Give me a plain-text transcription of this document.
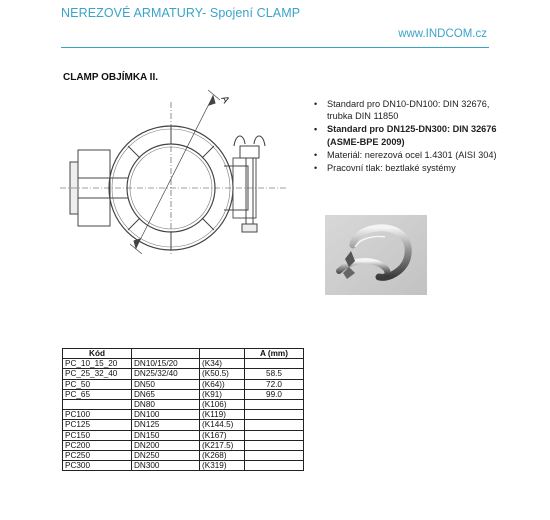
NEREZOVÉ ARMATURY- Spojení CLAMP
www.INDCOM.cz
CLAMP OBJÍMKA II.
A	• Standard pro DN10-DN100: DIN 32676, trubka DIN 11850
• Standard pro DN125-DN300: DIN 32676 (ASME-BPE 2009)
• Materiál: nerezová ocel 1.4301 (AISI 304)
• Pracovní tlak: beztlaké systémy
Kód			A (mm)
PC_10_15_20	DN10/15/20	(K34)	
PC_25_32_40	DN25/32/40	(K50.5)	58.5
PC_50	DN50	(K64))	72.0
PC_65	DN65	(K91)	99.0
	DN80	(K106)	
PC100	DN100	(K119)	
PC125	DN125	(K144.5)	
PC150	DN150	(K167)	
PC200	DN200	(K217.5)	
PC250	DN250	(K268)	
PC300	DN300	(K319)	
